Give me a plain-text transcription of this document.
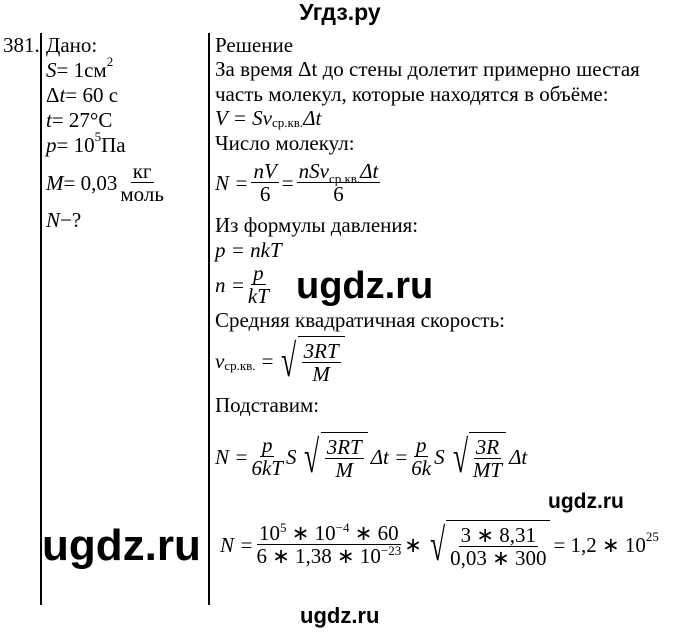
Угдз.ру
381. Дано:
$S = 1см^2$
Δ t = 60 с
t = 27°C
$p = 10^5$ Па
$M = 0,03 \frac{кг}{\text{моль}}$
N −?
Решение
За время Δt до стены долетит примерно шестая
часть молекул, которые находятся в объёме:
$V = Sv_{ср.кв.}$ Δt
Число молекул:
$N = \frac{nV}{6} = \frac{nSv_{ср.кв.}\Delta t}{6}$
Из формулы давления:
p = nkT
$n = \frac{p}{kT}$
Средняя квадратичная скорость:
$v_{ср.кв.}$ = √ $\frac{3RT}{M}$
Подставим:
$N = \frac{p}{6kT}$ S √ $\frac{3RT}{M}$ $\Delta t = \frac{p}{6k}$ S √ $\frac{3R}{MT}$ Δt
$N = \frac{10^5 ∗ 10^{-4} ∗ 60}{6 ∗ 1,38 ∗ 10^{-23}}$ ∗ √ $\frac{3 ∗ 8,31}{0,03 ∗ 300} = 1,2$ ∗ $10^{25}$
ugdz.ru
ugdz.ru
ugdz.ru
ugdz.ru
